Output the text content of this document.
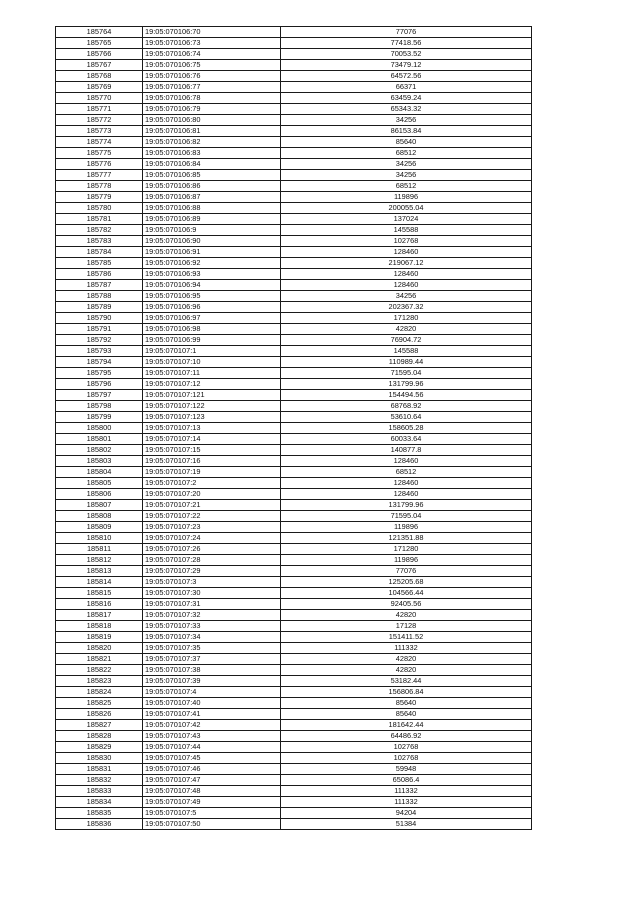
185764	19:05:070106:70	77076
185765	19:05:070106:73	77418.56
185766	19:05:070106:74	70053.52
185767	19:05:070106:75	73479.12
185768	19:05:070106:76	64572.56
185769	19:05:070106:77	66371
185770	19:05:070106:78	63459.24
185771	19:05:070106:79	65343.32
185772	19:05:070106:80	34256
185773	19:05:070106:81	86153.84
185774	19:05:070106:82	85640
185775	19:05:070106:83	68512
185776	19:05:070106:84	34256
185777	19:05:070106:85	34256
185778	19:05:070106:86	68512
185779	19:05:070106:87	119896
185780	19:05:070106:88	200055.04
185781	19:05:070106:89	137024
185782	19:05:070106:9	145588
185783	19:05:070106:90	102768
185784	19:05:070106:91	128460
185785	19:05:070106:92	219067.12
185786	19:05:070106:93	128460
185787	19:05:070106:94	128460
185788	19:05:070106:95	34256
185789	19:05:070106:96	202367.32
185790	19:05:070106:97	171280
185791	19:05:070106:98	42820
185792	19:05:070106:99	76904.72
185793	19:05:070107:1	145588
185794	19:05:070107:10	110989.44
185795	19:05:070107:11	71595.04
185796	19:05:070107:12	131799.96
185797	19:05:070107:121	154494.56
185798	19:05:070107:122	68768.92
185799	19:05:070107:123	53610.64
185800	19:05:070107:13	158605.28
185801	19:05:070107:14	60033.64
185802	19:05:070107:15	140877.8
185803	19:05:070107:16	128460
185804	19:05:070107:19	68512
185805	19:05:070107:2	128460
185806	19:05:070107:20	128460
185807	19:05:070107:21	131799.96
185808	19:05:070107:22	71595.04
185809	19:05:070107:23	119896
185810	19:05:070107:24	121351.88
185811	19:05:070107:26	171280
185812	19:05:070107:28	119896
185813	19:05:070107:29	77076
185814	19:05:070107:3	125205.68
185815	19:05:070107:30	104566.44
185816	19:05:070107:31	92405.56
185817	19:05:070107:32	42820
185818	19:05:070107:33	17128
185819	19:05:070107:34	151411.52
185820	19:05:070107:35	111332
185821	19:05:070107:37	42820
185822	19:05:070107:38	42820
185823	19:05:070107:39	53182.44
185824	19:05:070107:4	156806.84
185825	19:05:070107:40	85640
185826	19:05:070107:41	85640
185827	19:05:070107:42	181642.44
185828	19:05:070107:43	64486.92
185829	19:05:070107:44	102768
185830	19:05:070107:45	102768
185831	19:05:070107:46	59948
185832	19:05:070107:47	65086.4
185833	19:05:070107:48	111332
185834	19:05:070107:49	111332
185835	19:05:070107:5	94204
185836	19:05:070107:50	51384
